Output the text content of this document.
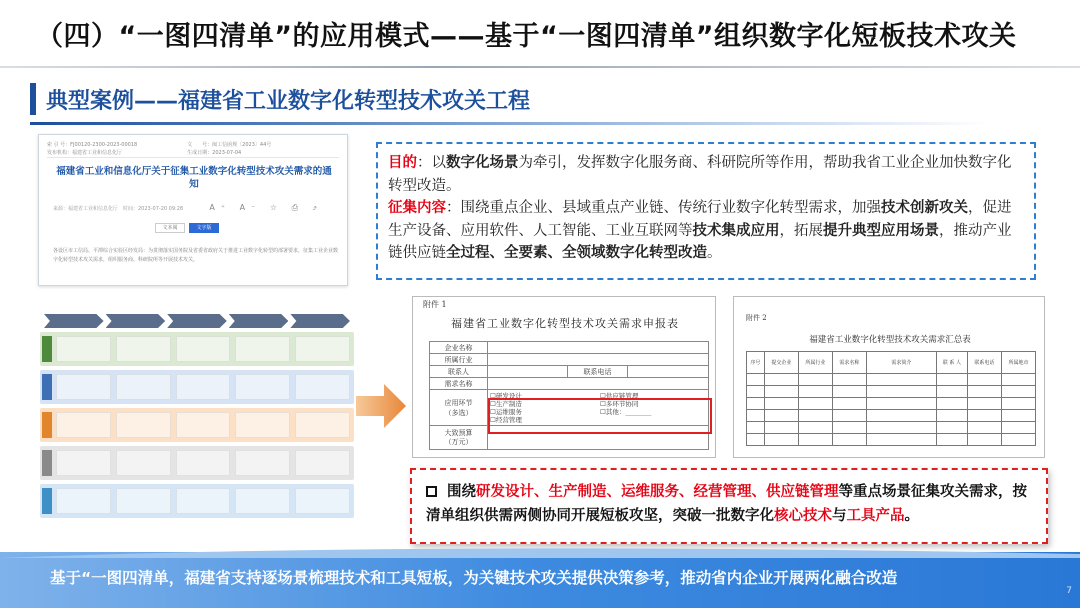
（四）“一图四清单”的应用模式——基于“一图四清单”组织数字化短板技术攻关
典型案例——福建省工业数字化转型技术攻关工程
索 引 号：FJ00120-2300-2023-00018	文　　号：闽工信函规〔2023〕44号
发布机构：福建省工业和信息化厅	生成日期：2023-07-04
福建省工业和信息化厅关于征集工业数字化转型技术攻关需求的通知
来源：福建省工业和信息化厅　时间：2023-07-20 09:28	A⁺ A⁻ ☆ ⎙ ⤴
文本阅	文字版
各设区市工信局、平潭综合实验区经发局：为贯彻落实国务院及省委省政府关于推进工业数字化转型的部署要求，征集工业企业数字化转型技术攻关需求，组织服务商、科研院所等开展技术攻关。
目的：以数字化场景为牵引，发挥数字化服务商、科研院所等作用，帮助我省工业企业加快数字化转型改造。
征集内容：围绕重点企业、县域重点产业链、传统行业数字化转型需求，加强技术创新攻关，促进生产设备、应用软件、人工智能、工业互联网等技术集成应用，拓展提升典型应用场景，推动产业链供应链全过程、全要素、全领域数字化转型改造。
附件 1
福建省工业数字化转型技术攻关需求申报表
企业名称			
所属行业			
联系人		联系电话	
需求名称			
应用环节
（多选）	☐研发设计 ☐供应链管理
☐生产制造 ☐多环节协同
☐运维服务 ☐其他：________
☐经营管理		

大致预算
（万元）			
附件 2
福建省工业数字化转型技术攻关需求汇总表
序号	提交企业	所属行业	需求名称	需求简介	联 系 人	联系电话	所属地市

围绕研发设计、生产制造、运维服务、经营管理、供应链管理等重点场景征集攻关需求，按清单组织供需两侧协同开展短板攻坚，突破一批数字化核心技术与工具产品。
基于“一图四清单，福建省支持逐场景梳理技术和工具短板，为关键技术攻关提供决策参考，推动省内企业开展两化融合改造
7
